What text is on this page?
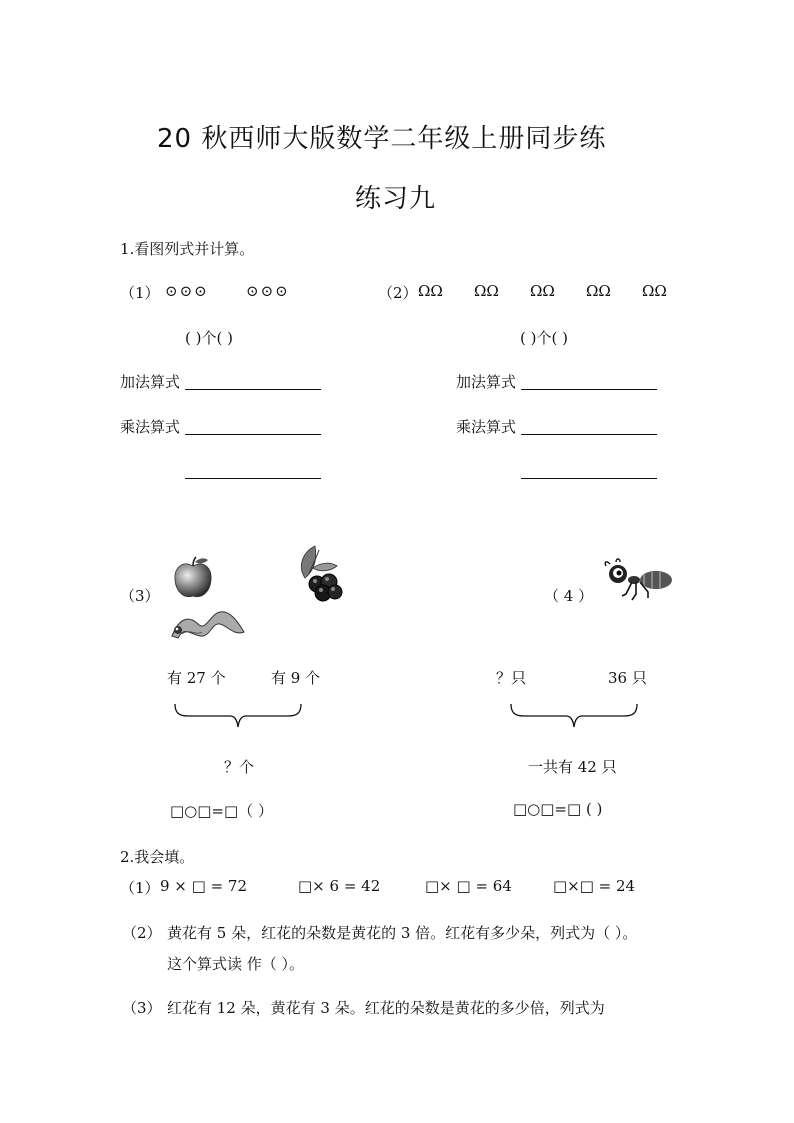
20 秋西师大版数学二年级上册同步练
练习九
1.看图列式并计算。
（1） ⊙⊙⊙ ⊙⊙⊙
( )个( )
（2） ΩΩ ΩΩ ΩΩ ΩΩ ΩΩ
( )个( )
加法算式	加法算式
乘法算式	乘法算式
（3）
有 27 个	有 9 个
？个
□○□=□（ ）
（ 4 ）
？只	36 只
一共有 42 只
□○□=□ ( )
2.我会填。
（1） 9 × □ = 72	□× 6 = 42	□× □ = 64	□×□ = 24
（2） 黄花有 5 朵，红花的朵数是黄花的 3 倍。红花有多少朵，列式为（ ）。
这个算式读 作（ ）。
（3） 红花有 12 朵，黄花有 3 朵。红花的朵数是黄花的多少倍，列式为
